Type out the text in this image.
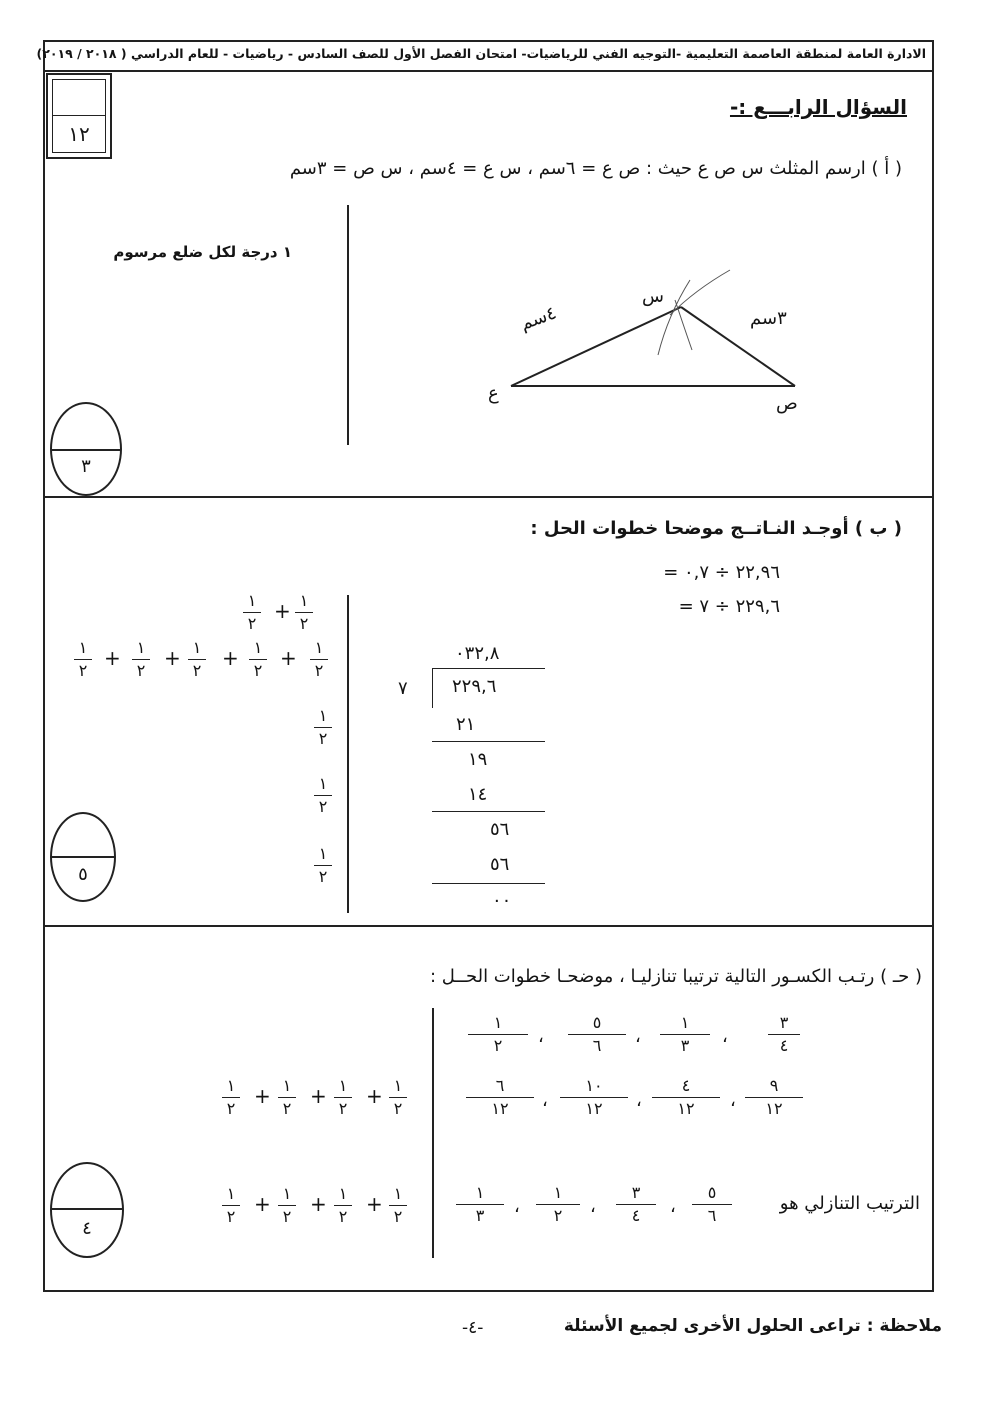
الادارة العامة لمنطقة العاصمة التعليمية -التوجيه الفني للرياضيات- امتحان الفصل الأول للصف السادس - رياضيات - للعام الدراسي ( ٢٠١٨ / ٢٠١٩)
١٢
السؤال الرابـــع :-
( أ ) ارسم المثلث س ص ع حيث : ص ع = ٦سم ، س ع = ٤سم ، س ص = ٣سم
١ درجة لكل ضلع مرسوم
س
ع	ص
٤سم	٣سم
٣
( ب ) أوجـد النـاتــج موضحا خطوات الحل :
٢٢,٩٦ ÷ ٠,٧ =
٢٢٩,٦ ÷ ٧ =
٠٣٢,٨
٧ ٢٢٩,٦
٢١
١٩
١٤
٥٦
٥٦
٠٠
١
٢
+
١
٢
١
٢
+
١
٢
+
١
٢
+
١
٢
+
١
٢
١
٢
١
٢
١
٢
٥
( حـ ) رتـب الكسـور التالية ترتيبا تنازليـا ، موضحـا خطوات الحــل :
٣
٤
،
١
٣
،
٥
٦
،
١
٢
٩
١٢
،
٤
١٢
،
١٠
١٢
،
٦
١٢
الترتيب التنازلي هو
٥
٦
،
٣
٤
،
١
٢
،
١
٣
١
٢
+
١
٢
+
١
٢
+
١
٢
١
٢
+
١
٢
+
١
٢
+
١
٢
٤
ملاحظة : تراعى الحلول الأخرى لجميع الأسئلة
-٤-
